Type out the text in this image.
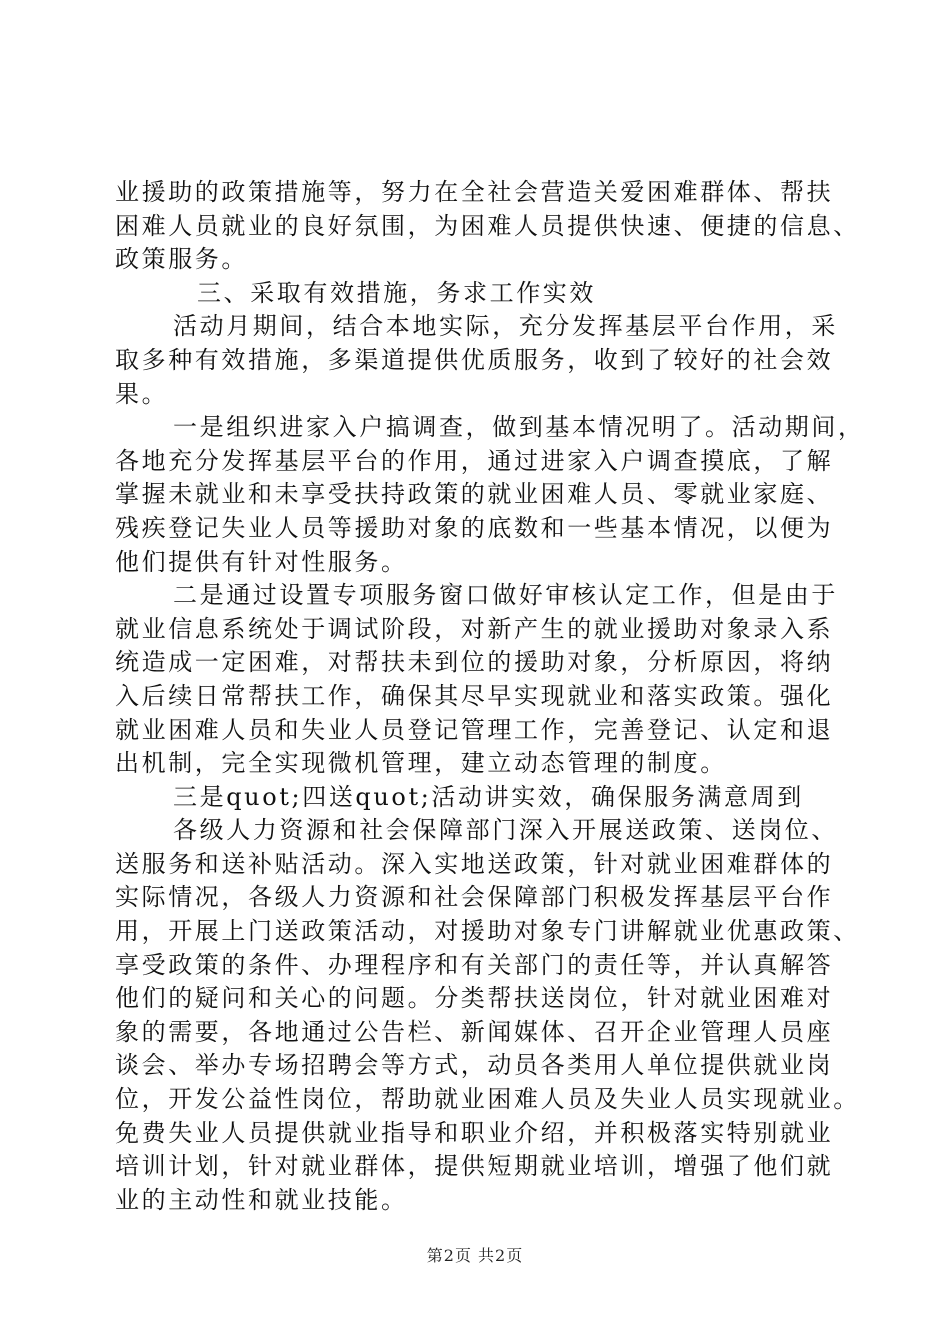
业援助的政策措施等，努力在全社会营造关爱困难群体、帮扶
困难人员就业的良好氛围，为困难人员提供快速、便捷的信息、
政策服务。
三、采取有效措施，务求工作实效
活动月期间，结合本地实际，充分发挥基层平台作用，采
取多种有效措施，多渠道提供优质服务，收到了较好的社会效
果。
一是组织进家入户搞调查，做到基本情况明了。活动期间，
各地充分发挥基层平台的作用，通过进家入户调查摸底，了解
掌握未就业和未享受扶持政策的就业困难人员、零就业家庭、
残疾登记失业人员等援助对象的底数和一些基本情况，以便为
他们提供有针对性服务。
二是通过设置专项服务窗口做好审核认定工作，但是由于
就业信息系统处于调试阶段，对新产生的就业援助对象录入系
统造成一定困难，对帮扶未到位的援助对象，分析原因，将纳
入后续日常帮扶工作，确保其尽早实现就业和落实政策。强化
就业困难人员和失业人员登记管理工作，完善登记、认定和退
出机制，完全实现微机管理，建立动态管理的制度。
三是quot;四送quot;活动讲实效，确保服务满意周到
各级人力资源和社会保障部门深入开展送政策、送岗位、
送服务和送补贴活动。深入实地送政策，针对就业困难群体的
实际情况，各级人力资源和社会保障部门积极发挥基层平台作
用，开展上门送政策活动，对援助对象专门讲解就业优惠政策、
享受政策的条件、办理程序和有关部门的责任等，并认真解答
他们的疑问和关心的问题。分类帮扶送岗位，针对就业困难对
象的需要，各地通过公告栏、新闻媒体、召开企业管理人员座
谈会、举办专场招聘会等方式，动员各类用人单位提供就业岗
位，开发公益性岗位，帮助就业困难人员及失业人员实现就业。
免费失业人员提供就业指导和职业介绍，并积极落实特别就业
培训计划，针对就业群体，提供短期就业培训，增强了他们就
业的主动性和就业技能。
第2页 共2页
